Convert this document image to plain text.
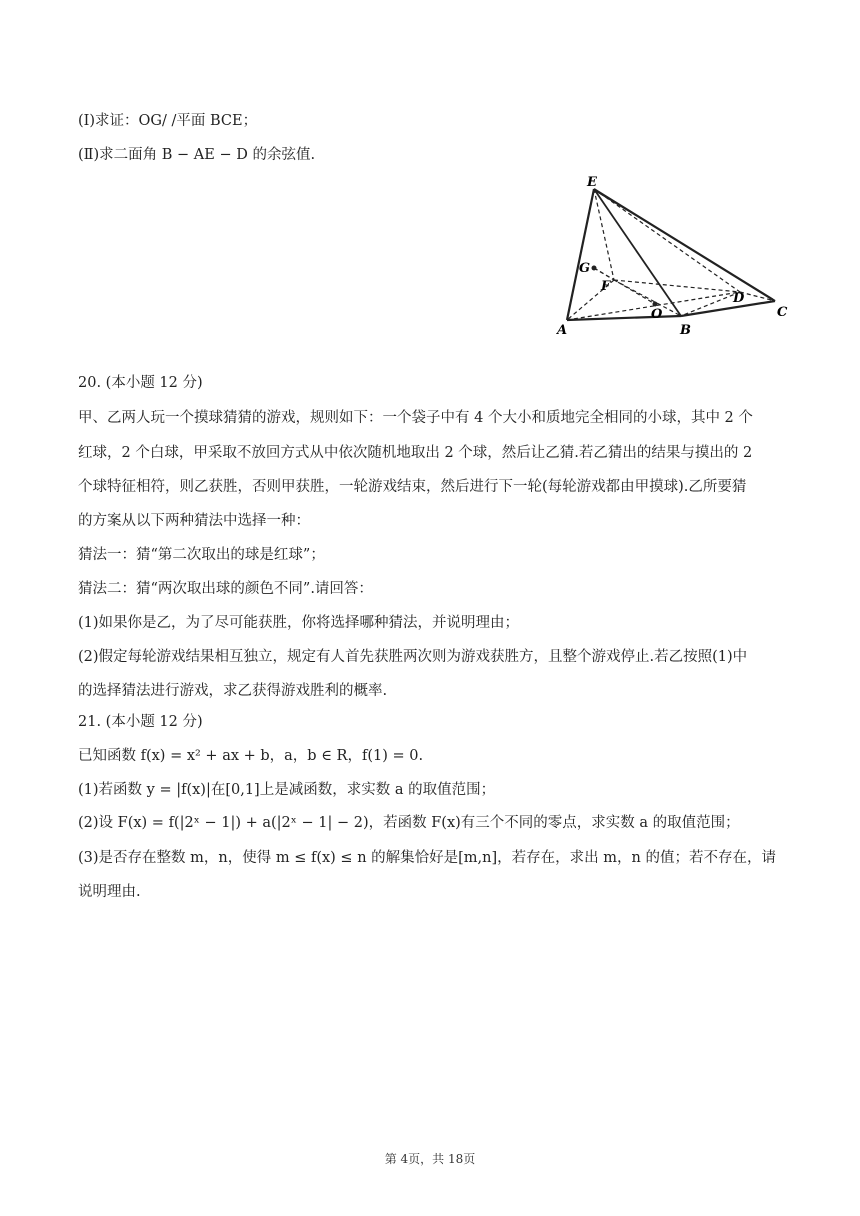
(Ⅰ)求证：OG/ /平面 BCE；
(Ⅱ)求二面角 B − AE − D 的余弦值.
E
G
F
D
O
A	B
C
20. (本小题 12 分)
甲、乙两人玩一个摸球猜猜的游戏，规则如下：一个袋子中有 4 个大小和质地完全相同的小球，其中 2 个
红球，2 个白球，甲采取不放回方式从中依次随机地取出 2 个球，然后让乙猜.若乙猜出的结果与摸出的 2
个球特征相符，则乙获胜，否则甲获胜，一轮游戏结束，然后进行下一轮(每轮游戏都由甲摸球).乙所要猜
的方案从以下两种猜法中选择一种：
猜法一：猜“第二次取出的球是红球”；
猜法二：猜“两次取出球的颜色不同”.请回答：
(1)如果你是乙，为了尽可能获胜，你将选择哪种猜法，并说明理由；
(2)假定每轮游戏结果相互独立，规定有人首先获胜两次则为游戏获胜方，且整个游戏停止.若乙按照(1)中
的选择猜法进行游戏，求乙获得游戏胜利的概率.
21. (本小题 12 分)
已知函数 f(x) = x² + ax + b，a，b ∈ R，f(1) = 0.
(1)若函数 y = |f(x)|在[0,1]上是减函数，求实数 a 的取值范围；
(2)设 F(x) = f(|2ˣ − 1|) + a(|2ˣ − 1| − 2)，若函数 F(x)有三个不同的零点，求实数 a 的取值范围；
(3)是否存在整数 m，n，使得 m ≤ f(x) ≤ n 的解集恰好是[m,n]，若存在，求出 m，n 的值；若不存在，请
说明理由.
第 4页，共 18页
